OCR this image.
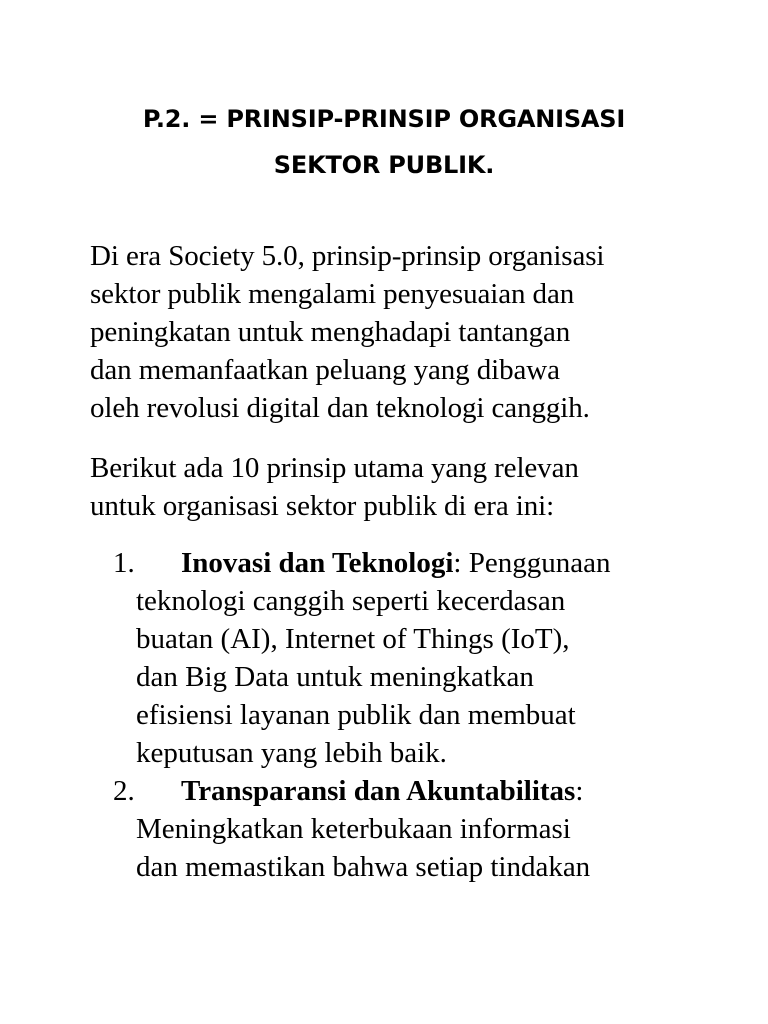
P.2. = PRINSIP-PRINSIP ORGANISASI
SEKTOR PUBLIK.
Di era Society 5.0, prinsip-prinsip organisasi
sektor publik mengalami penyesuaian dan
peningkatan untuk menghadapi tantangan
dan memanfaatkan peluang yang dibawa
oleh revolusi digital dan teknologi canggih.
Berikut ada 10 prinsip utama yang relevan
untuk organisasi sektor publik di era ini:
1.	Inovasi dan Teknologi: Penggunaan
teknologi canggih seperti kecerdasan
buatan (AI), Internet of Things (IoT),
dan Big Data untuk meningkatkan
efisiensi layanan publik dan membuat
keputusan yang lebih baik.
2.	Transparansi dan Akuntabilitas:
Meningkatkan keterbukaan informasi
dan memastikan bahwa setiap tindakan
